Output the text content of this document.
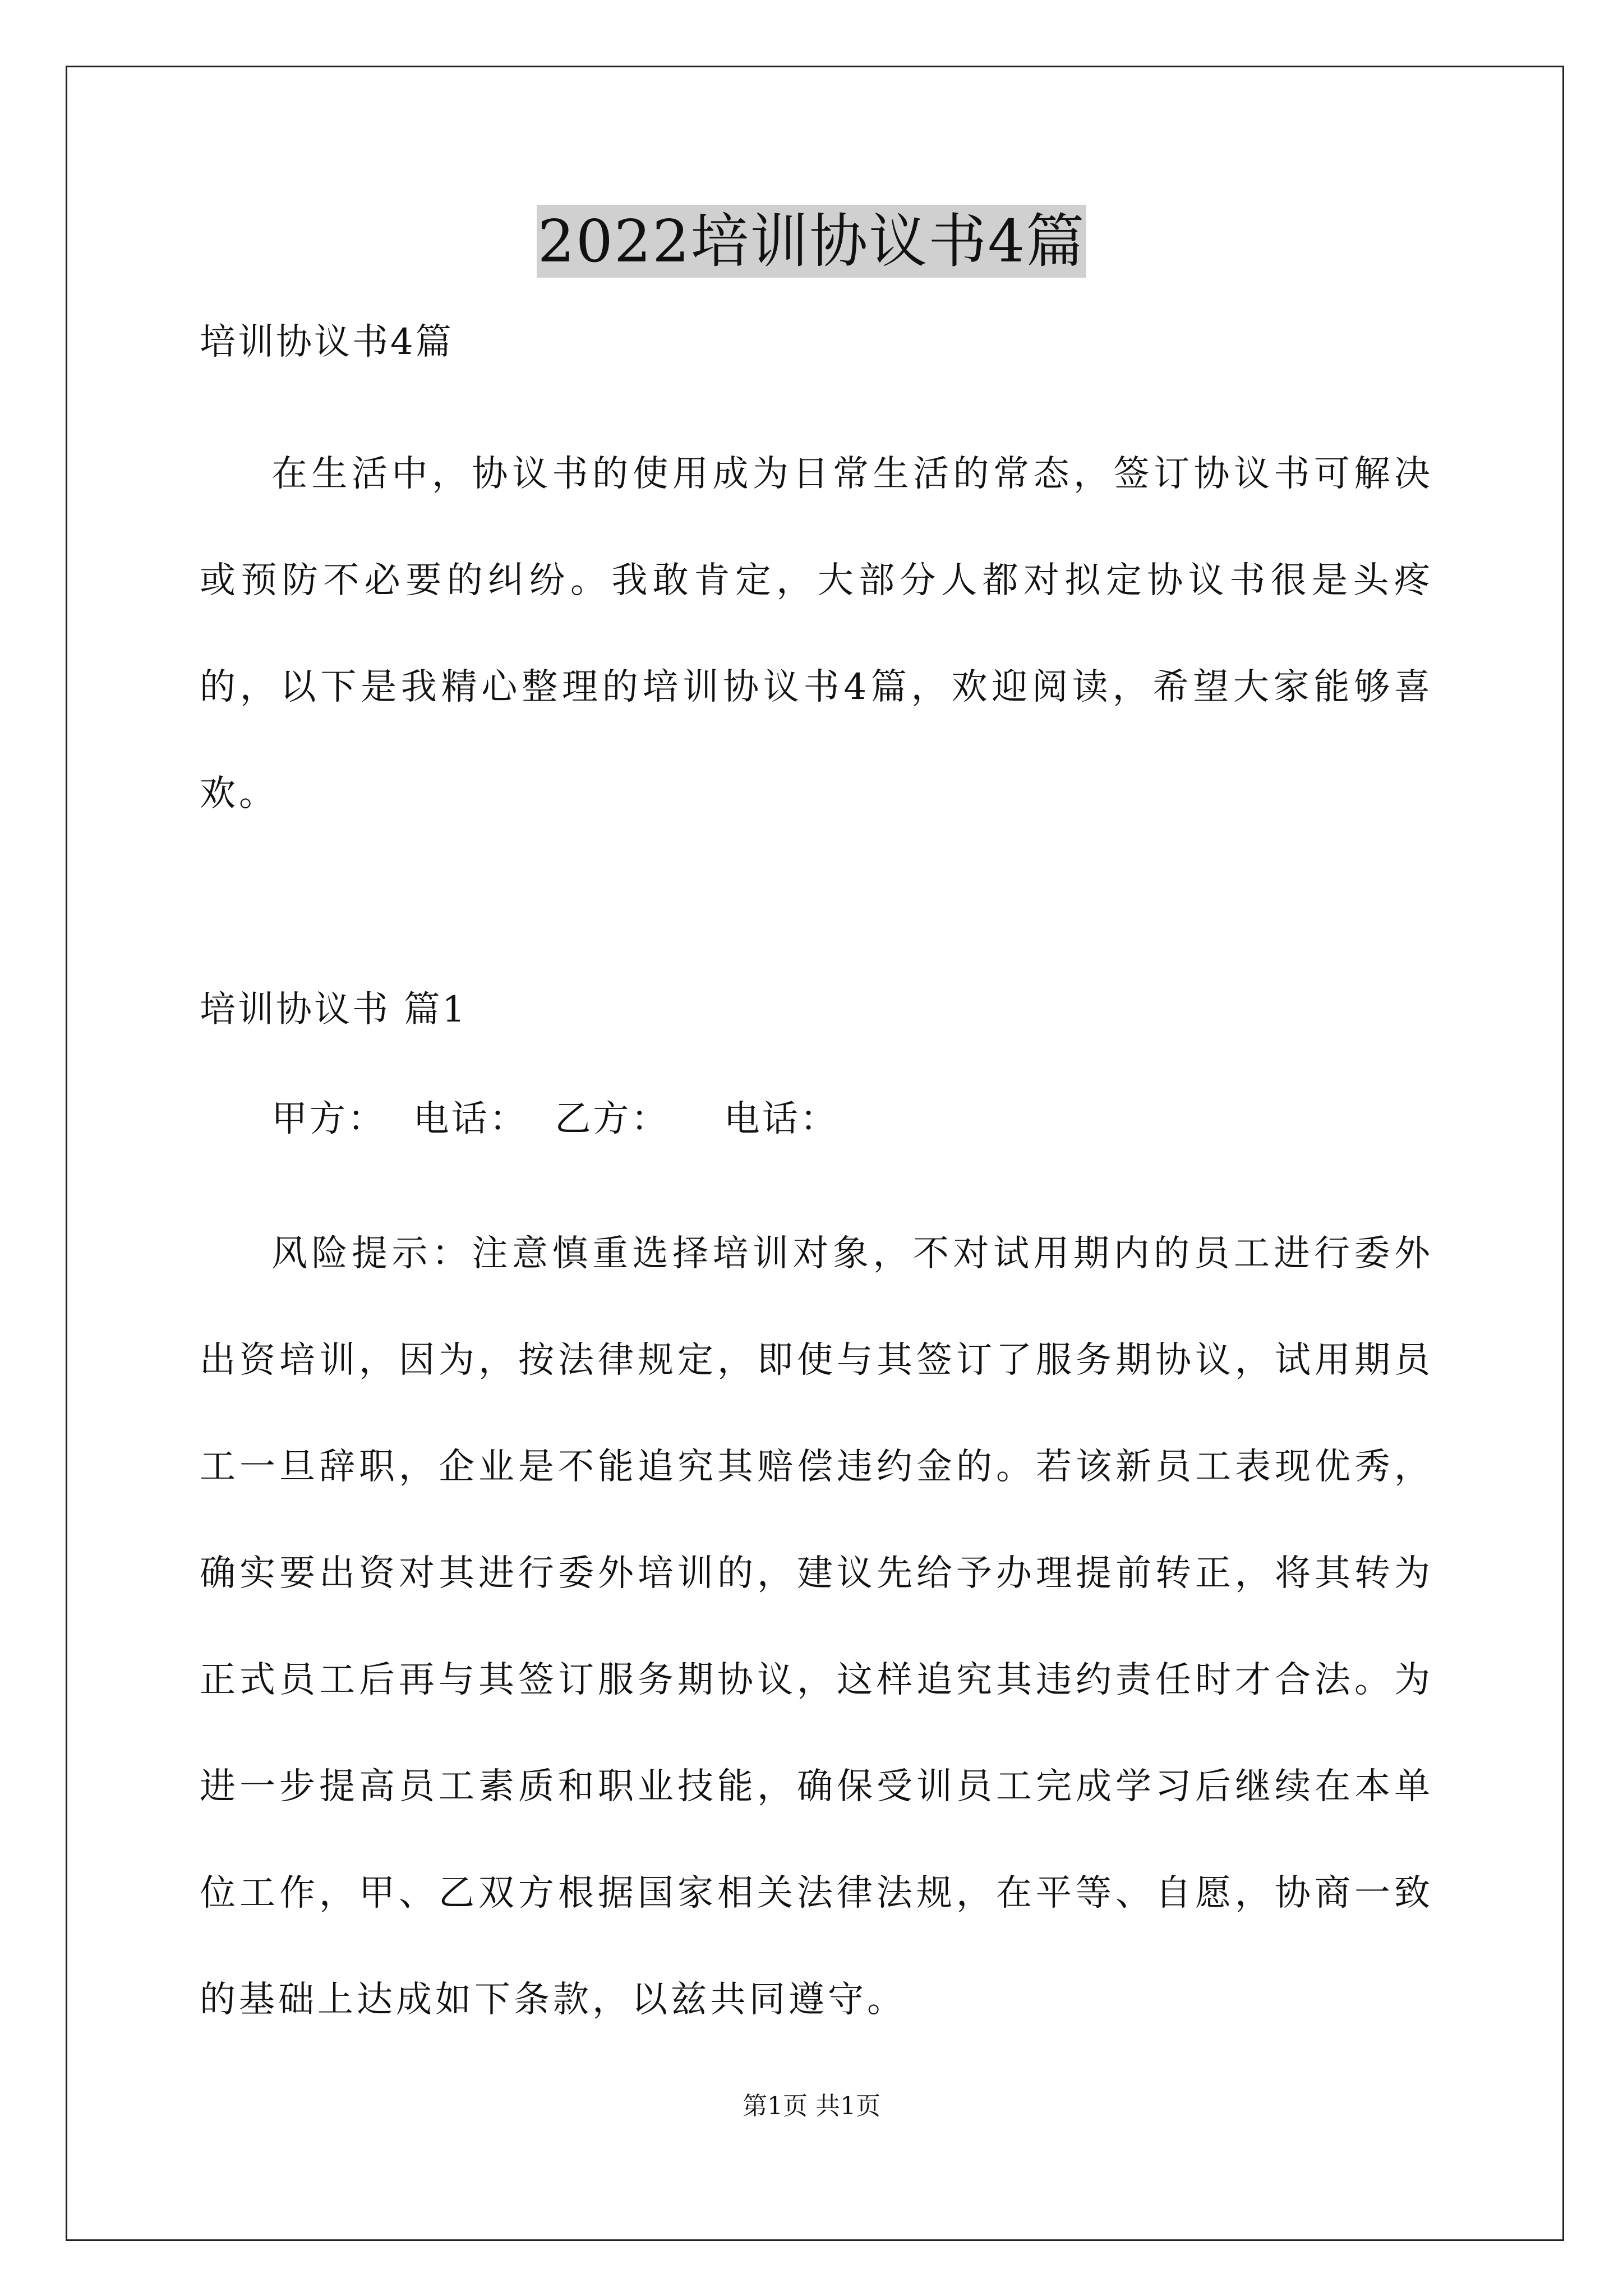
2022培训协议书4篇

培训协议书4篇

在生活中，协议书的使用成为日常生活的常态，签订协议书可解决或预防不必要的纠纷。我敢肯定，大部分人都对拟定协议书很是头疼的，以下是我精心整理的培训协议书4篇，欢迎阅读，希望大家能够喜欢。

培训协议书 篇1

甲方：  电话：  乙方：    电话：

风险提示：注意慎重选择培训对象，不对试用期内的员工进行委外出资培训，因为，按法律规定，即使与其签订了服务期协议，试用期员工一旦辞职，企业是不能追究其赔偿违约金的。若该新员工表现优秀，确实要出资对其进行委外培训的，建议先给予办理提前转正，将其转为正式员工后再与其签订服务期协议，这样追究其违约责任时才合法。为进一步提高员工素质和职业技能，确保受训员工完成学习后继续在本单位工作，甲、乙双方根据国家相关法律法规，在平等、自愿，协商一致的基础上达成如下条款，以兹共同遵守。

第1页 共1页
